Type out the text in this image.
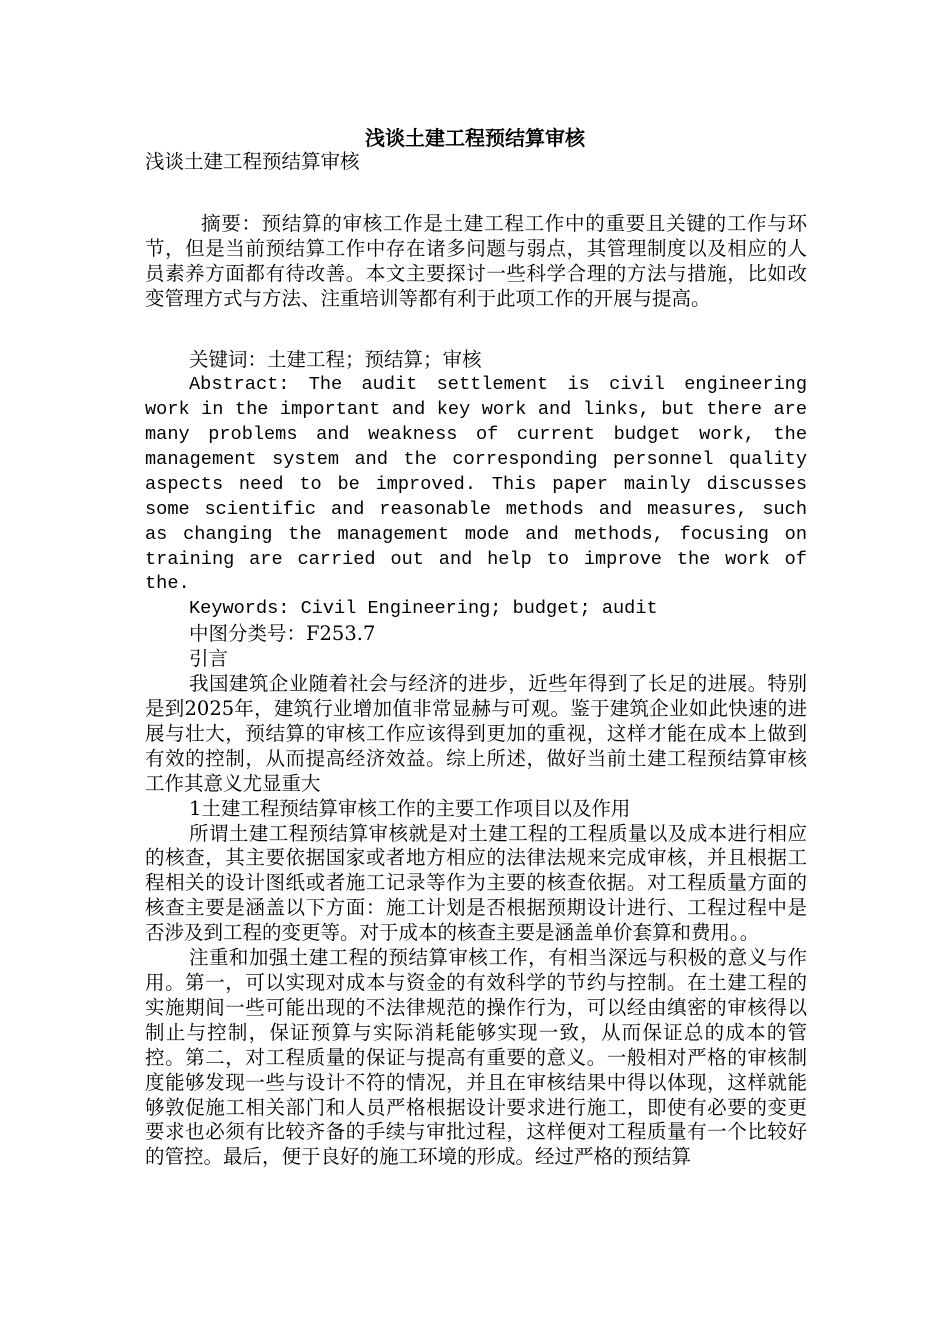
浅谈土建工程预结算审核

浅谈土建工程预结算审核

摘要：预结算的审核工作是土建工程工作中的重要且关键的工作与环节，但是当前预结算工作中存在诸多问题与弱点，其管理制度以及相应的人员素养方面都有待改善。本文主要探讨一些科学合理的方法与措施，比如改变管理方式与方法、注重培训等都有利于此项工作的开展与提高。

关键词：土建工程；预结算；审核

Abstract: The audit settlement is civil engineering work in the important and key work and links, but there are many problems and weakness of current budget work, the management system and the corresponding personnel quality aspects need to be improved. This paper mainly discusses some scientific and reasonable methods and measures, such as changing the management mode and methods, focusing on training are carried out and help to improve the work of the.

Keywords: Civil Engineering; budget; audit

中图分类号：F253.7

引言

我国建筑企业随着社会与经济的进步，近些年得到了长足的进展。特别是到2025年，建筑行业增加值非常显赫与可观。鉴于建筑企业如此快速的进展与壮大，预结算的审核工作应该得到更加的重视，这样才能在成本上做到有效的控制，从而提高经济效益。综上所述，做好当前土建工程预结算审核工作其意义尤显重大

1土建工程预结算审核工作的主要工作项目以及作用

所谓土建工程预结算审核就是对土建工程的工程质量以及成本进行相应的核查，其主要依据国家或者地方相应的法律法规来完成审核，并且根据工程相关的设计图纸或者施工记录等作为主要的核查依据。对工程质量方面的核查主要是涵盖以下方面：施工计划是否根据预期设计进行、工程过程中是否涉及到工程的变更等。对于成本的核查主要是涵盖单价套算和费用。。

注重和加强土建工程的预结算审核工作，有相当深远与积极的意义与作用。第一，可以实现对成本与资金的有效科学的节约与控制。在土建工程的实施期间一些可能出现的不法律规范的操作行为，可以经由缜密的审核得以制止与控制，保证预算与实际消耗能够实现一致，从而保证总的成本的管控。第二，对工程质量的保证与提高有重要的意义。一般相对严格的审核制度能够发现一些与设计不符的情况，并且在审核结果中得以体现，这样就能够敦促施工相关部门和人员严格根据设计要求进行施工，即使有必要的变更要求也必须有比较齐备的手续与审批过程，这样便对工程质量有一个比较好的管控。最后，便于良好的施工环境的形成。经过严格的预结算
